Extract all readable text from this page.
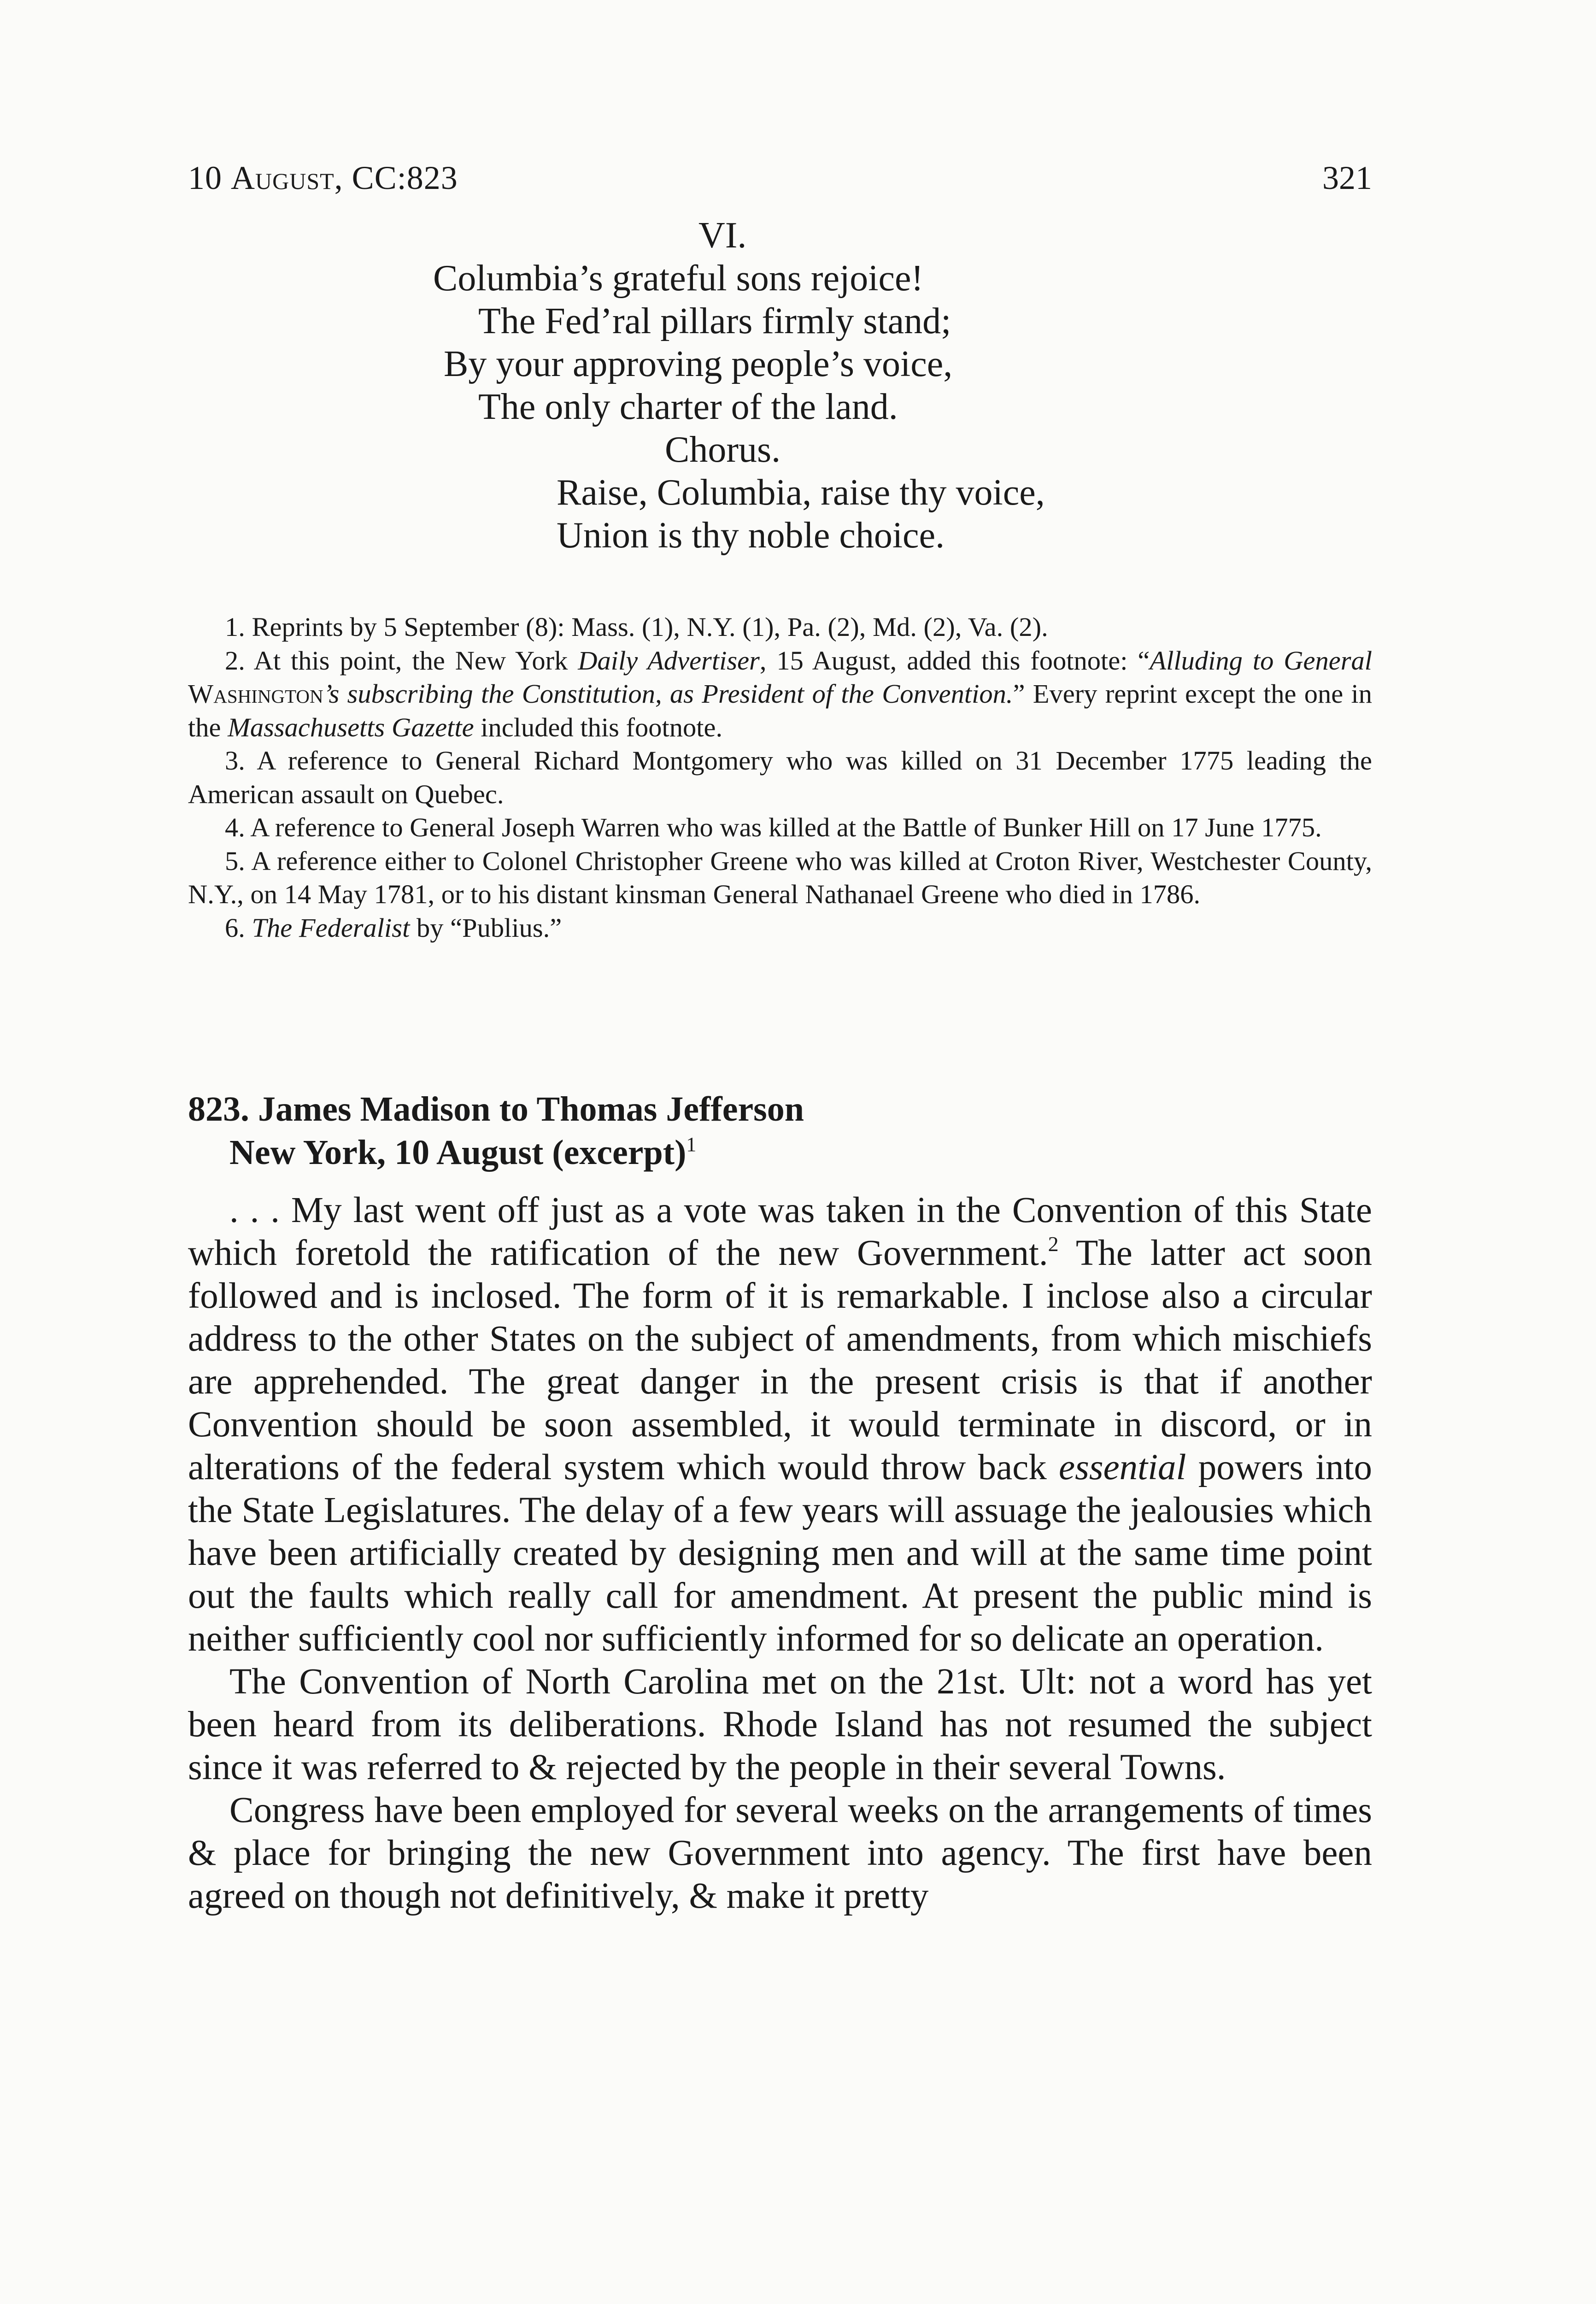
10 August, CC:823	321
VI.
Columbia’s grateful sons rejoice!
The Fed’ral pillars firmly stand;
By your approving people’s voice,
The only charter of the land.
Chorus.
Raise, Columbia, raise thy voice,
Union is thy noble choice.

1. Reprints by 5 September (8): Mass. (1), N.Y. (1), Pa. (2), Md. (2), Va. (2).

2. At this point, the New York Daily Advertiser, 15 August, added this footnote: “Alluding to General Washington’s subscribing the Constitution, as President of the Convention.” Every reprint except the one in the Massachusetts Gazette included this footnote.

3. A reference to General Richard Montgomery who was killed on 31 December 1775 leading the American assault on Quebec.

4. A reference to General Joseph Warren who was killed at the Battle of Bunker Hill on 17 June 1775.

5. A reference either to Colonel Christopher Greene who was killed at Croton River, Westchester County, N.Y., on 14 May 1781, or to his distant kinsman General Nathanael Greene who died in 1786.

6. The Federalist by “Publius.”

823. James Madison to Thomas Jefferson
New York, 10 August (excerpt)$^1$

. . . My last went off just as a vote was taken in the Convention of this State which foretold the ratification of the new Government.$^2$ The latter act soon followed and is inclosed. The form of it is remarkable. I inclose also a circular address to the other States on the subject of amendments, from which mischiefs are apprehended. The great danger in the present crisis is that if another Convention should be soon assembled, it would terminate in discord, or in alterations of the federal system which would throw back essential powers into the State Legislatures. The delay of a few years will assuage the jealousies which have been artificially created by designing men and will at the same time point out the faults which really call for amendment. At present the public mind is neither sufficiently cool nor sufficiently informed for so delicate an operation.

The Convention of North Carolina met on the 21st. Ult: not a word has yet been heard from its deliberations. Rhode Island has not resumed the subject since it was referred to & rejected by the people in their several Towns.

Congress have been employed for several weeks on the arrangements of times & place for bringing the new Government into agency. The first have been agreed on though not definitively, & make it pretty
